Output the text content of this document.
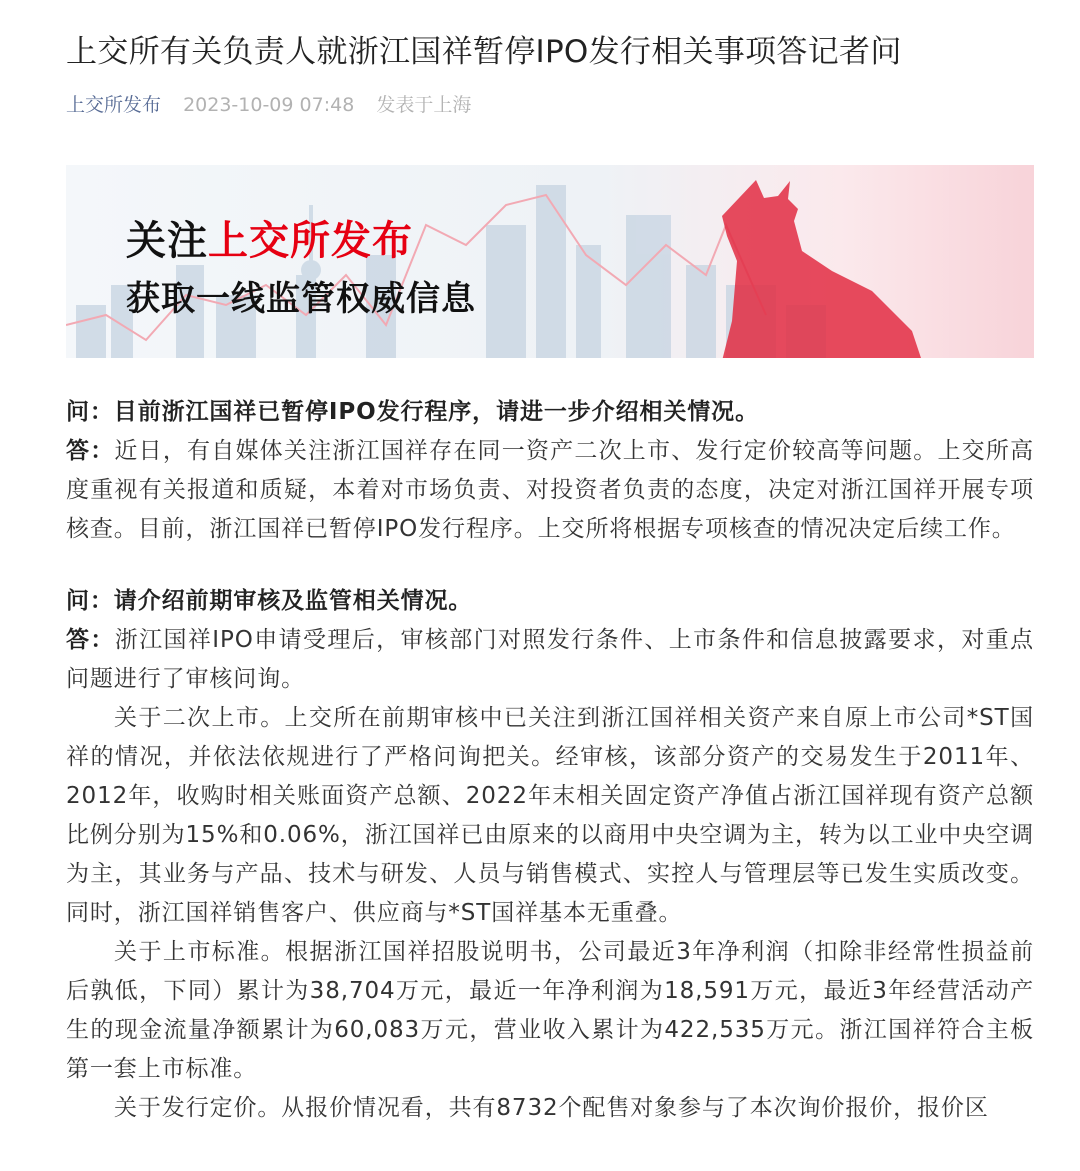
上交所有关负责人就浙江国祥暂停IPO发行相关事项答记者问
上交所发布 2023-10-09 07:48 发表于上海
关注上交所发布
获取一线监管权威信息

问：目前浙江国祥已暂停IPO发行程序，请进一步介绍相关情况。

答：近日，有自媒体关注浙江国祥存在同一资产二次上市、发行定价较高等问题。上交所高度重视有关报道和质疑，本着对市场负责、对投资者负责的态度，决定对浙江国祥开展专项核查。目前，浙江国祥已暂停IPO发行程序。上交所将根据专项核查的情况决定后续工作。

问：请介绍前期审核及监管相关情况。

答：浙江国祥IPO申请受理后，审核部门对照发行条件、上市条件和信息披露要求，对重点问题进行了审核问询。

关于二次上市。上交所在前期审核中已关注到浙江国祥相关资产来自原上市公司*ST国祥的情况，并依法依规进行了严格问询把关。经审核，该部分资产的交易发生于2011年、2012年，收购时相关账面资产总额、2022年末相关固定资产净值占浙江国祥现有资产总额比例分别为15%和0.06%，浙江国祥已由原来的以商用中央空调为主，转为以工业中央空调为主，其业务与产品、技术与研发、人员与销售模式、实控人与管理层等已发生实质改变。同时，浙江国祥销售客户、供应商与*ST国祥基本无重叠。

关于上市标准。根据浙江国祥招股说明书，公司最近3年净利润（扣除非经常性损益前后孰低，下同）累计为38,704万元，最近一年净利润为18,591万元，最近3年经营活动产生的现金流量净额累计为60,083万元，营业收入累计为422,535万元。浙江国祥符合主板第一套上市标准。

关于发行定价。从报价情况看，共有8732个配售对象参与了本次询价报价，报价区
